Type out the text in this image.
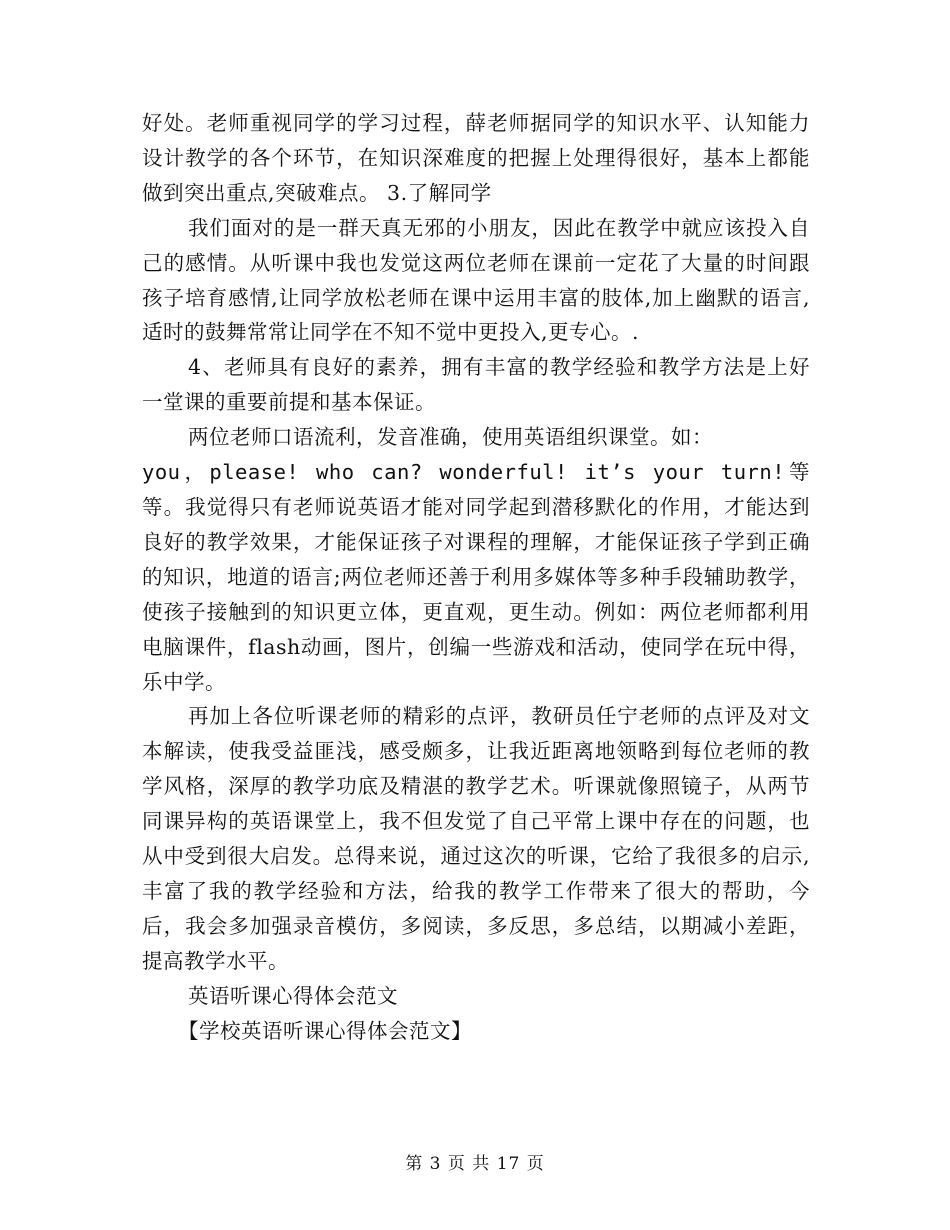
好处。老师重视同学的学习过程，薛老师据同学的知识水平、认知能力设计教学的各个环节，在知识深难度的把握上处理得很好，基本上都能做到突出重点,突破难点。 3.了解同学

我们面对的是一群天真无邪的小朋友，因此在教学中就应该投入自己的感情。从听课中我也发觉这两位老师在课前一定花了大量的时间跟孩子培育感情,让同学放松老师在课中运用丰富的肢体,加上幽默的语言,适时的鼓舞常常让同学在不知不觉中更投入,更专心。.

4、老师具有良好的素养，拥有丰富的教学经验和教学方法是上好一堂课的重要前提和基本保证。

两位老师口语流利，发音准确，使用英语组织课堂。如：

you，please! who can? wonderful! it’s your turn!等等。我觉得只有老师说英语才能对同学起到潜移默化的作用，才能达到良好的教学效果，才能保证孩子对课程的理解，才能保证孩子学到正确的知识，地道的语言;两位老师还善于利用多媒体等多种手段辅助教学，使孩子接触到的知识更立体，更直观，更生动。例如：两位老师都利用电脑课件，flash动画，图片，创编一些游戏和活动，使同学在玩中得，乐中学。

再加上各位听课老师的精彩的点评，教研员任宁老师的点评及对文本解读，使我受益匪浅，感受颇多，让我近距离地领略到每位老师的教学风格，深厚的教学功底及精湛的教学艺术。听课就像照镜子，从两节同课异构的英语课堂上，我不但发觉了自己平常上课中存在的问题，也从中受到很大启发。总得来说，通过这次的听课，它给了我很多的启示,丰富了我的教学经验和方法，给我的教学工作带来了很大的帮助，今后，我会多加强录音模仿，多阅读，多反思，多总结，以期减小差距，提高教学水平。

英语听课心得体会范文

【学校英语听课心得体会范文】

第 3 页 共 17 页
